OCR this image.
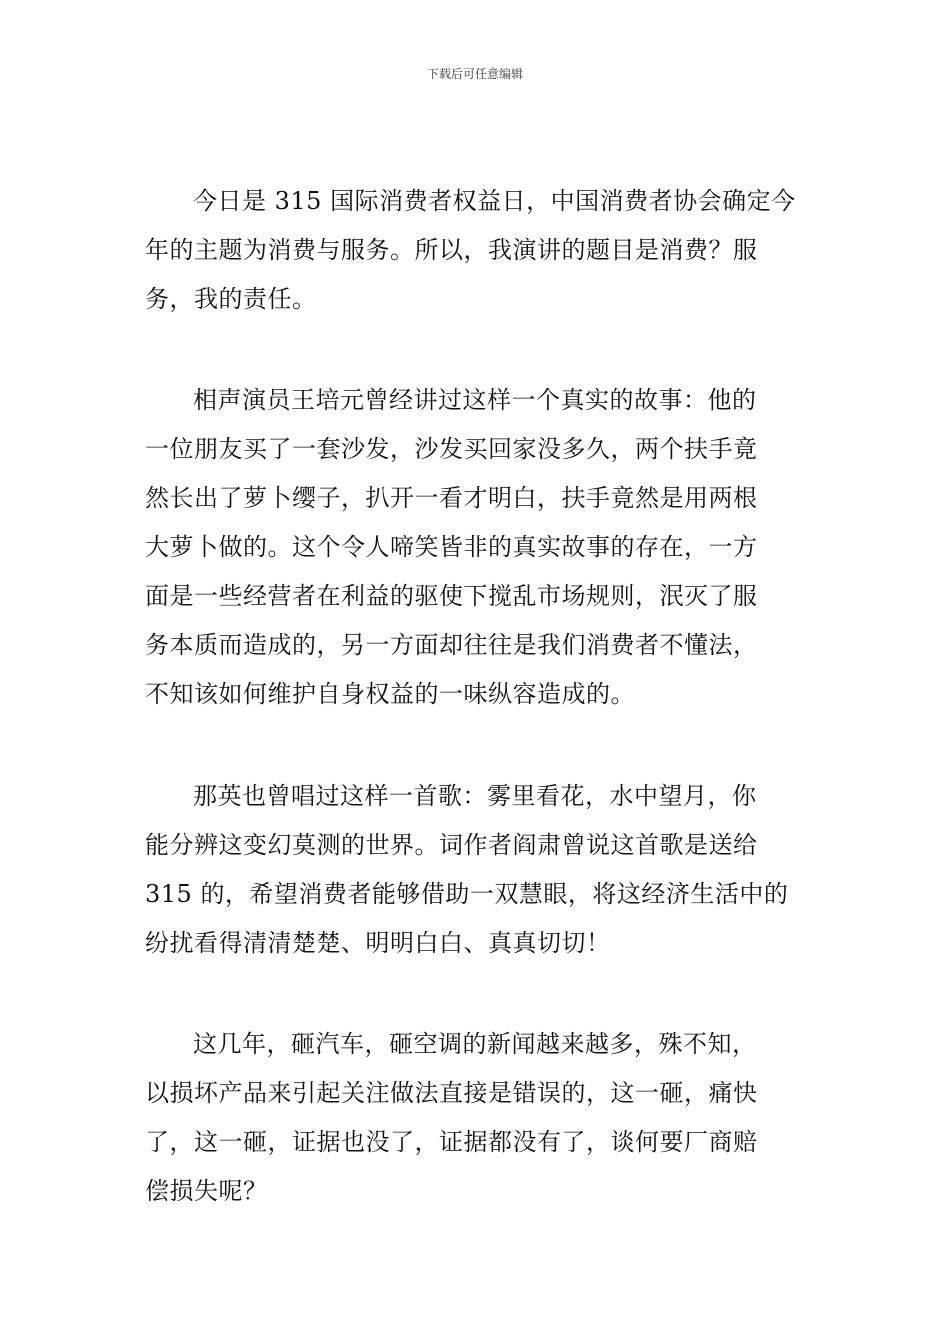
下载后可任意编辑
今日是 315 国际消费者权益日，中国消费者协会确定今
年的主题为消费与服务。所以，我演讲的题目是消费？服
务，我的责任。
相声演员王培元曾经讲过这样一个真实的故事：他的
一位朋友买了一套沙发，沙发买回家没多久，两个扶手竟
然长出了萝卜缨子，扒开一看才明白，扶手竟然是用两根
大萝卜做的。这个令人啼笑皆非的真实故事的存在，一方
面是一些经营者在利益的驱使下搅乱市场规则，泯灭了服
务本质而造成的，另一方面却往往是我们消费者不懂法，
不知该如何维护自身权益的一味纵容造成的。
那英也曾唱过这样一首歌：雾里看花，水中望月，你
能分辨这变幻莫测的世界。词作者阎肃曾说这首歌是送给
315 的，希望消费者能够借助一双慧眼，将这经济生活中的
纷扰看得清清楚楚、明明白白、真真切切！
这几年，砸汽车，砸空调的新闻越来越多，殊不知，
以损坏产品来引起关注做法直接是错误的，这一砸，痛快
了，这一砸，证据也没了，证据都没有了，谈何要厂商赔
偿损失呢？
